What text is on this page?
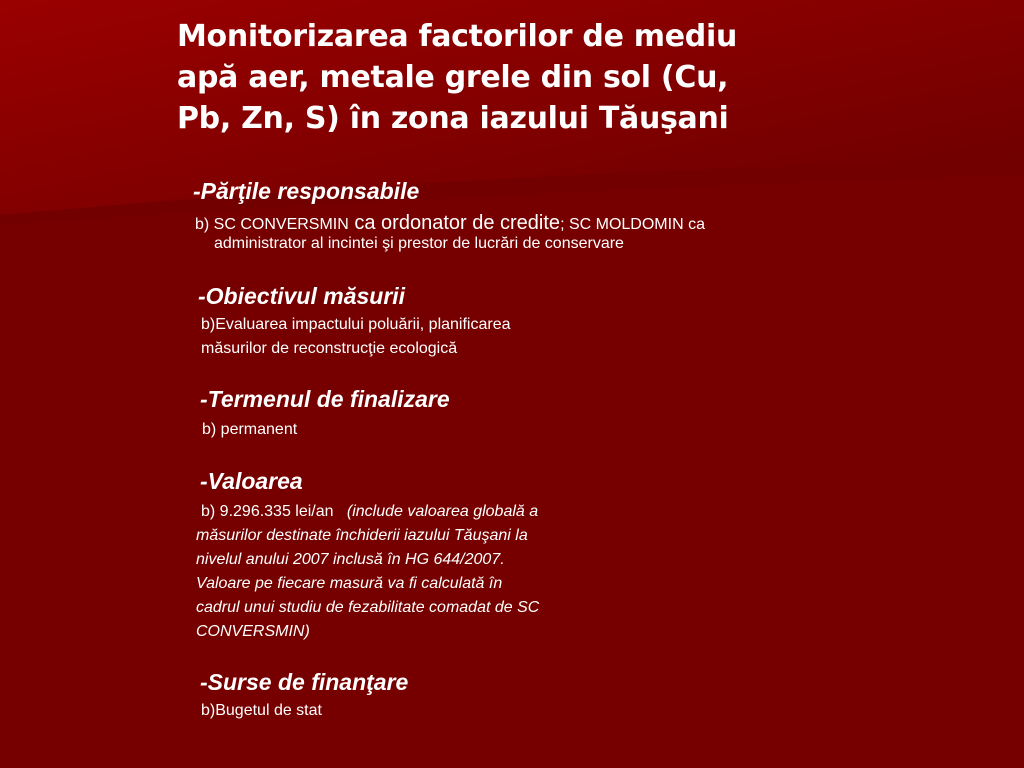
Monitorizarea factorilor de mediu
apă aer, metale grele din sol (Cu,
Pb, Zn, S) în zona iazului Tăuşani

-Părţile responsabile

b) SC CONVERSMIN ca ordonator de credite; SC MOLDOMIN ca

administrator al incintei şi prestor de lucrări de conservare

-Obiectivul măsurii

b)Evaluarea impactului poluării, planificarea

măsurilor de reconstrucţie ecologică

-Termenul de finalizare

b) permanent

-Valoarea

b) 9.296.335 lei/an (include valoarea globală a

măsurilor destinate închiderii iazului Tăuşani la

nivelul anului 2007 inclusă în HG 644/2007.

Valoare pe fiecare masură va fi calculată în

cadrul unui studiu de fezabilitate comadat de SC

CONVERSMIN)

-Surse de finanţare

b)Bugetul de stat
